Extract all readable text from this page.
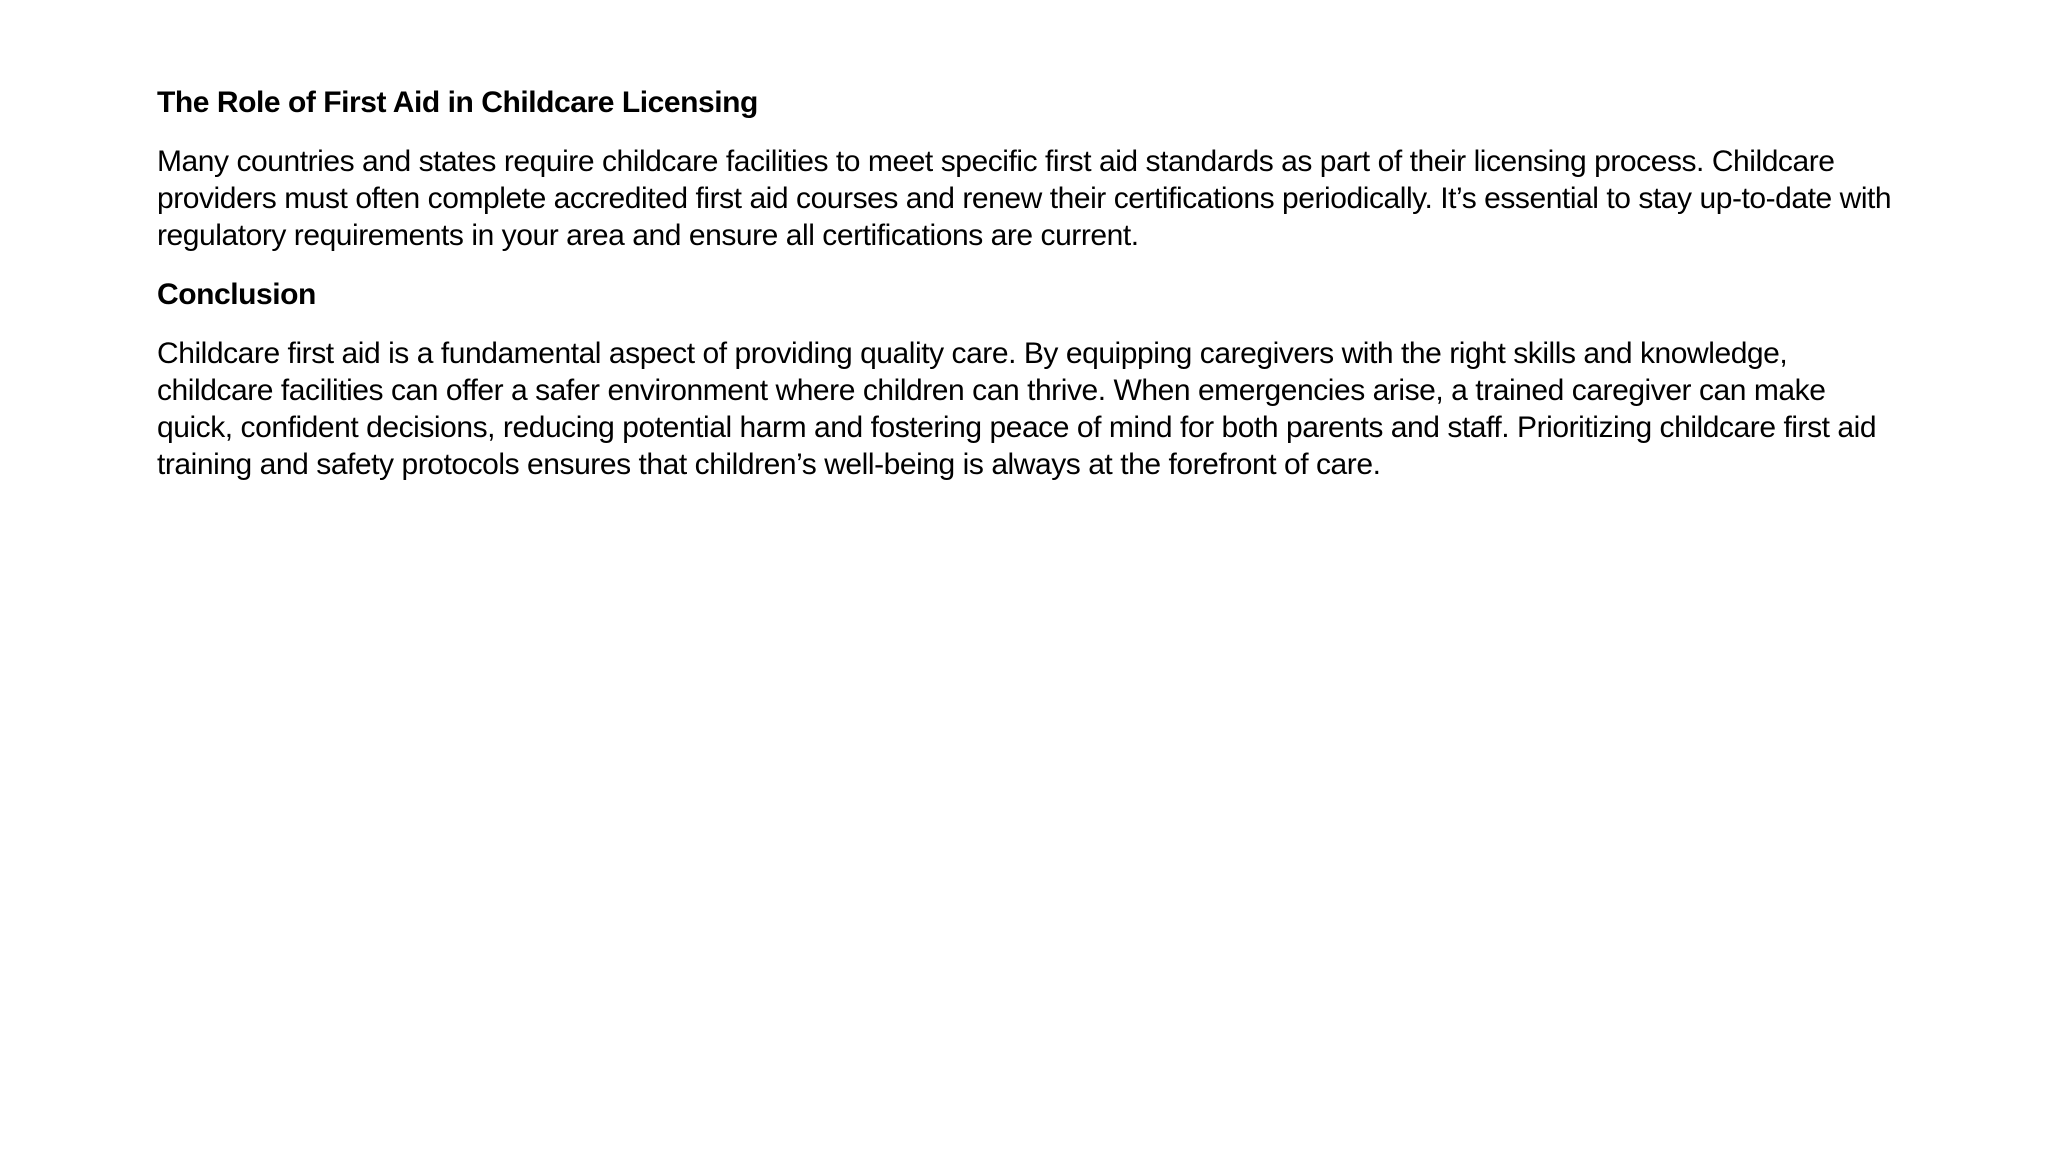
The Role of First Aid in Childcare Licensing
Many countries and states require childcare facilities to meet specific first aid standards as part of their licensing process. Childcare providers must often complete accredited first aid courses and renew their certifications periodically. It’s essential to stay up-to-date with regulatory requirements in your area and ensure all certifications are current.
Conclusion
Childcare first aid is a fundamental aspect of providing quality care. By equipping caregivers with the right skills and knowledge, childcare facilities can offer a safer environment where children can thrive. When emergencies arise, a trained caregiver can make quick, confident decisions, reducing potential harm and fostering peace of mind for both parents and staff. Prioritizing childcare first aid training and safety protocols ensures that children’s well-being is always at the forefront of care.
